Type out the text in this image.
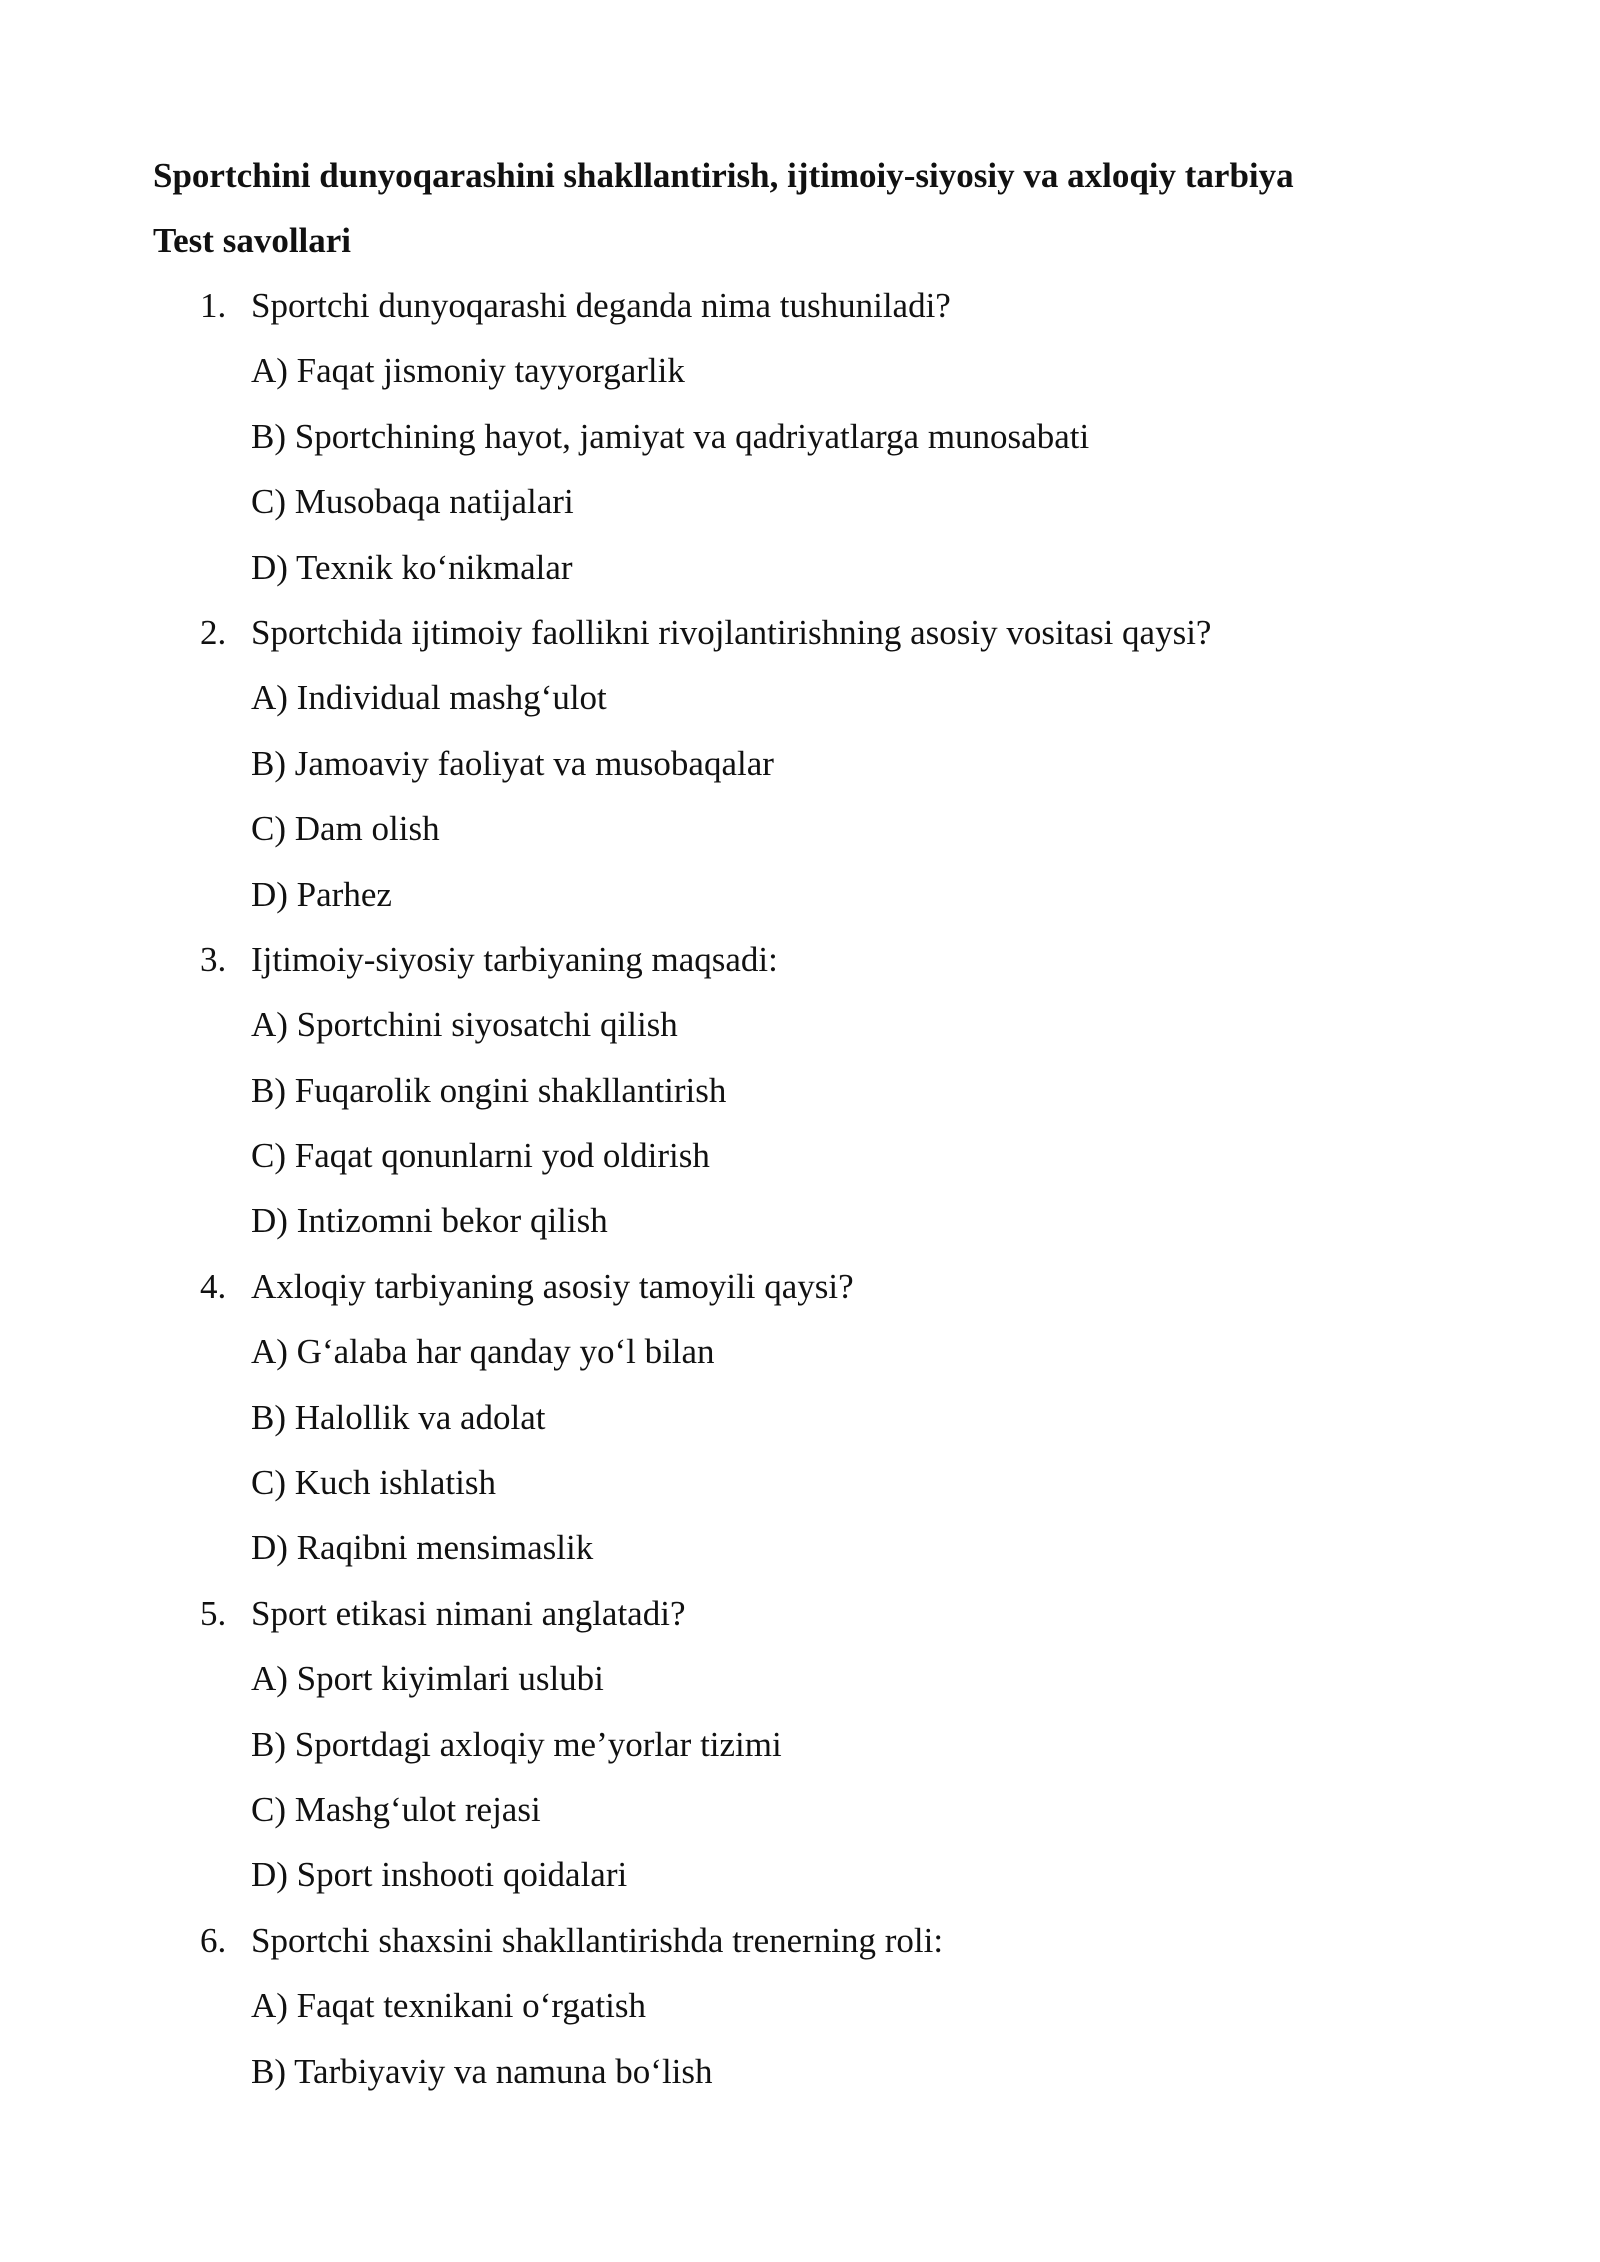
Sportchini dunyoqarashini shakllantirish, ijtimoiy-siyosiy va axloqiy tarbiya
Test savollari
1. Sportchi dunyoqarashi deganda nima tushuniladi?
A) Faqat jismoniy tayyorgarlik
B) Sportchining hayot, jamiyat va qadriyatlarga munosabati
C) Musobaqa natijalari
D) Texnik ko‘nikmalar
2. Sportchida ijtimoiy faollikni rivojlantirishning asosiy vositasi qaysi?
A) Individual mashg‘ulot
B) Jamoaviy faoliyat va musobaqalar
C) Dam olish
D) Parhez
3. Ijtimoiy-siyosiy tarbiyaning maqsadi:
A) Sportchini siyosatchi qilish
B) Fuqarolik ongini shakllantirish
C) Faqat qonunlarni yod oldirish
D) Intizomni bekor qilish
4. Axloqiy tarbiyaning asosiy tamoyili qaysi?
A) G‘alaba har qanday yo‘l bilan
B) Halollik va adolat
C) Kuch ishlatish
D) Raqibni mensimaslik
5. Sport etikasi nimani anglatadi?
A) Sport kiyimlari uslubi
B) Sportdagi axloqiy me’yorlar tizimi
C) Mashg‘ulot rejasi
D) Sport inshooti qoidalari
6. Sportchi shaxsini shakllantirishda trenerning roli:
A) Faqat texnikani o‘rgatish
B) Tarbiyaviy va namuna bo‘lish
